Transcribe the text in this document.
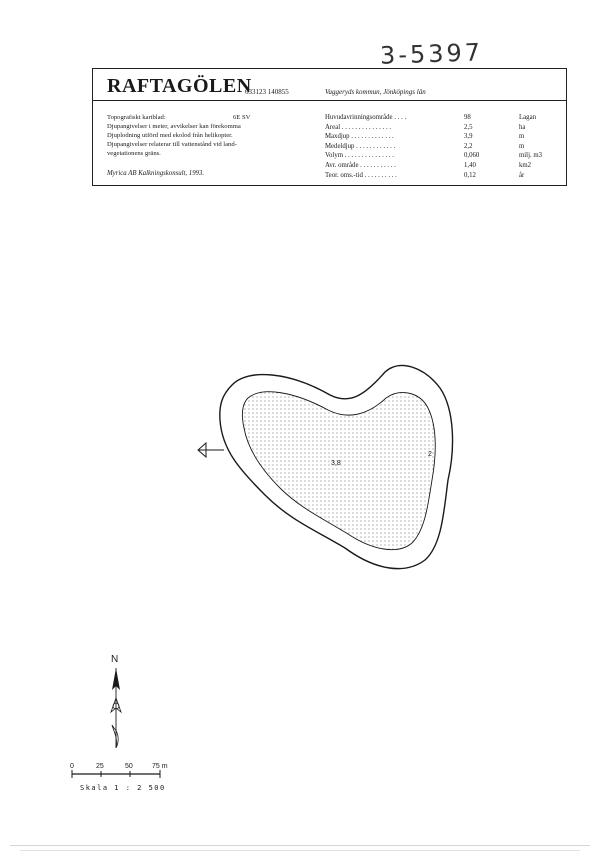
3-5397
RAFTAGÖLEN
633123 140855	Vaggeryds kommun, Jönköpings län
Topografiskt kartblad:	6E SV
Djupangivelser i meter, avvikelser kan förekomma
Djuplodning utförd med ekolod från helikopter.
Djupangivelser relaterar till vattenstånd vid land-
vegetationens gräns.
Myrica AB Kalkningskonsult, 1993.
Huvudavrinningsområde . . . .	98	Lagan
Areal . . . . . . . . . . . . . . .	2,5	ha
Maxdjup . . . . . . . . . . . . .	3,9	m
Medeldjup . . . . . . . . . . . .	2,2	m
Volym . . . . . . . . . . . . . . .	0,060	milj. m3
Avr. område . . . . . . . . . . .	1,40	km2
Teor. oms.-tid . . . . . . . . . .	0,12	år
3,8
2
N
0	25	50	75 m
Skala 1 : 2 500
